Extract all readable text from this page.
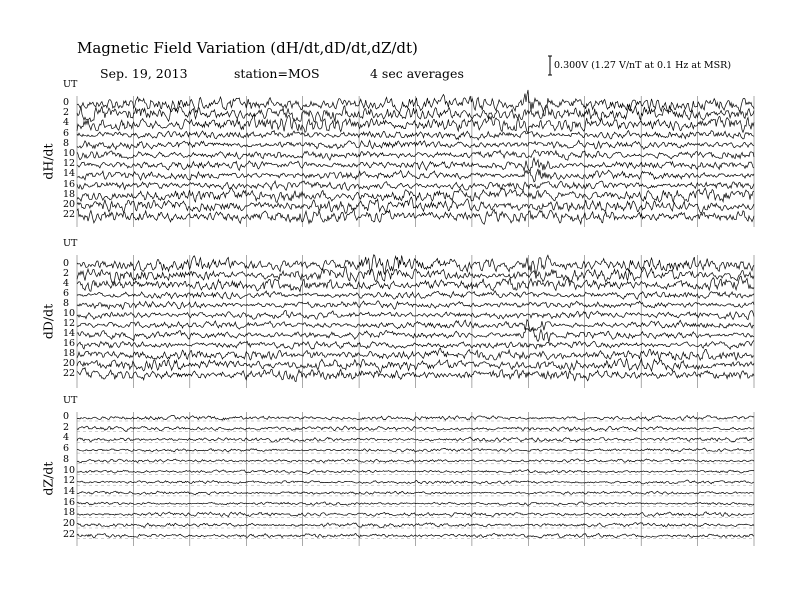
Magnetic Field Variation (dH/dt,dD/dt,dZ/dt)
Sep. 19, 2013	station=MOS	4 sec averages
0.300V (1.27 V/nT at 0.1 Hz at MSR)
dH/dt
UT
0
2
4
6
8
10
12
14
16
18
20
22
dD/dt
UT
0
2
4
6
8
10
12
14
16
18
20
22
dZ/dt
UT
0
2
4
6
8
10
12
14
16
18
20
22
